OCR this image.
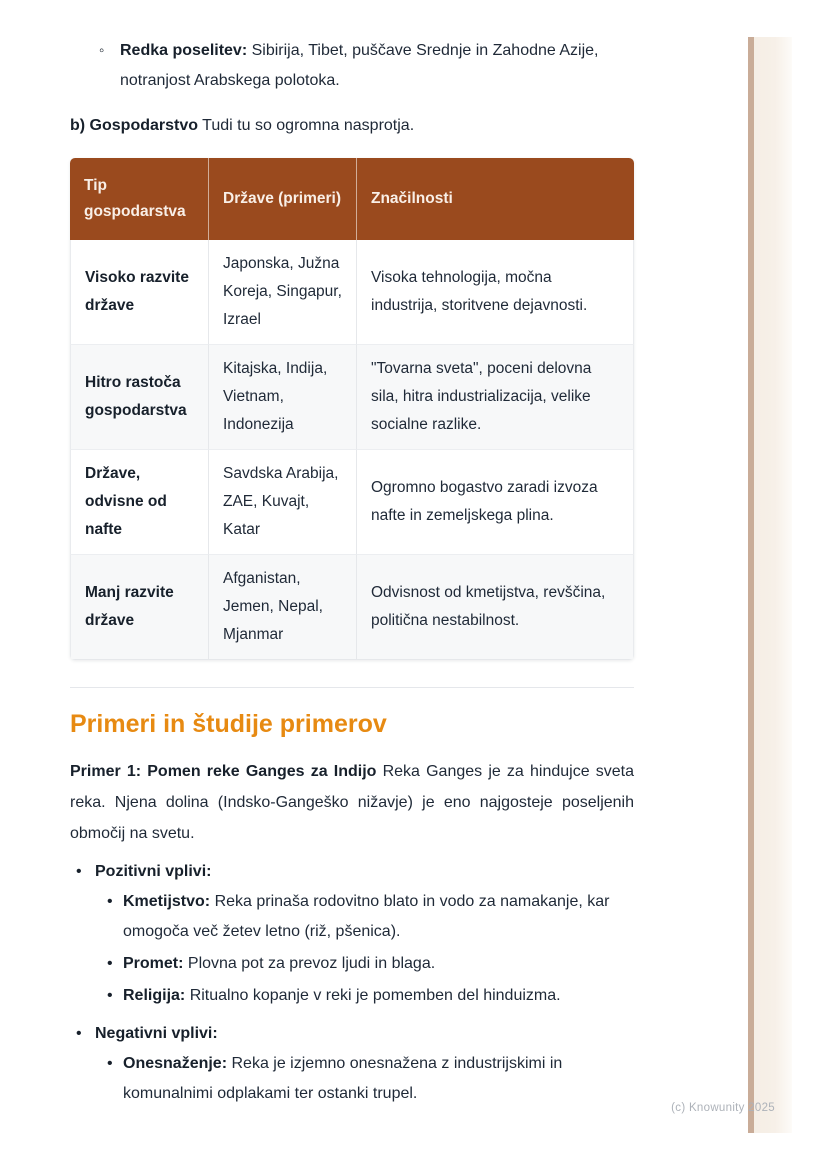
◦ Redka poselitev: Sibirija, Tibet, puščave Srednje in Zahodne Azije, notranjost Arabskega polotoka.

b) Gospodarstvo Tudi tu so ogromna nasprotja.

Tip gospodarstva	Države (primeri)	Značilnosti
Visoko razvite države	Japonska, Južna Koreja, Singapur, Izrael	Visoka tehnologija, močna industrija, storitvene dejavnosti.
Hitro rastoča gospodarstva	Kitajska, Indija, Vietnam, Indonezija	"Tovarna sveta", poceni delovna sila, hitra industrializacija, velike socialne razlike.
Države, odvisne od nafte	Savdska Arabija, ZAE, Kuvajt, Katar	Ogromno bogastvo zaradi izvoza nafte in zemeljskega plina.
Manj razvite države	Afganistan, Jemen, Nepal, Mjanmar	Odvisnost od kmetijstva, revščina, politična nestabilnost.
Primeri in študije primerov

Primer 1: Pomen reke Ganges za Indijo Reka Ganges je za hindujce sveta reka. Njena dolina (Indsko-Gangeško nižavje) je eno najgosteje poseljenih območij na svetu.

• Pozitivni vplivi:
• Kmetijstvo: Reka prinaša rodovitno blato in vodo za namakanje, kar omogoča več žetev letno (riž, pšenica).
• Promet: Plovna pot za prevoz ljudi in blaga.
• Religija: Ritualno kopanje v reki je pomemben del hinduizma.
• Negativni vplivi:
• Onesnaženje: Reka je izjemno onesnažena z industrijskimi in komunalnimi odplakami ter ostanki trupel.
(c) Knowunity 2025
